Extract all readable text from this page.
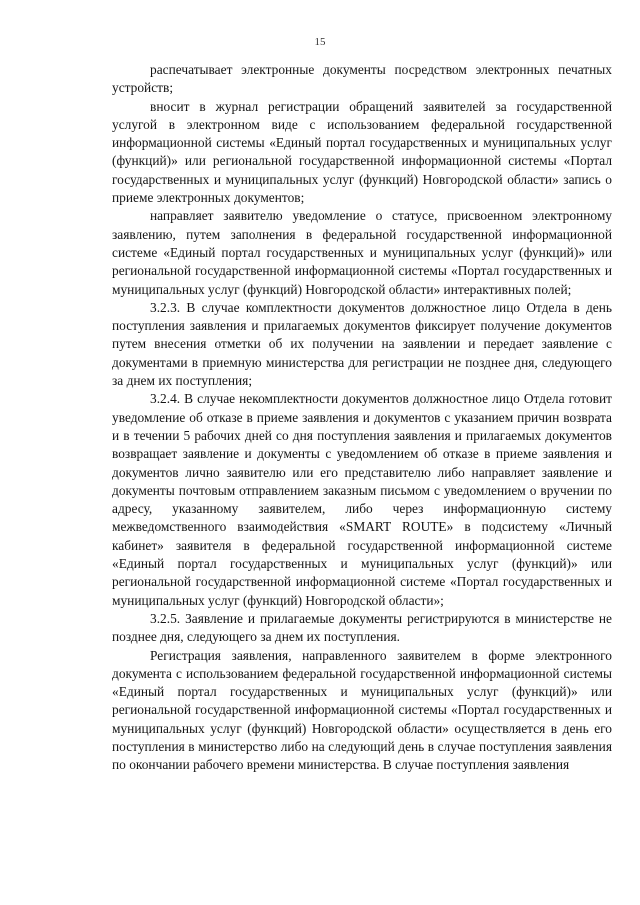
15

распечатывает электронные документы посредством электронных печатных устройств;

вносит в журнал регистрации обращений заявителей за государственной услугой в электронном виде с использованием федеральной государственной информационной системы «Единый портал государственных и муниципальных услуг (функций)» или региональной государственной информационной системы «Портал государственных и муниципальных услуг (функций) Новгородской области» запись о приеме электронных документов;

направляет заявителю уведомление о статусе, присвоенном электронному заявлению, путем заполнения в федеральной государственной информационной системе «Единый портал государственных и муниципальных услуг (функций)» или региональной государственной информационной системы «Портал государственных и муниципальных услуг (функций) Новгородской области» интерактивных полей;

3.2.3. В случае комплектности документов должностное лицо Отдела в день поступления заявления и прилагаемых документов фиксирует получение документов путем внесения отметки об их получении на заявлении и передает заявление с документами в приемную министерства для регистрации не позднее дня, следующего за днем их поступления;

3.2.4. В случае некомплектности документов должностное лицо Отдела готовит уведомление об отказе в приеме заявления и документов с указанием причин возврата и в течении 5 рабочих дней со дня поступления заявления и прилагаемых документов возвращает заявление и документы с уведомлением об отказе в приеме заявления и документов лично заявителю или его представителю либо направляет заявление и документы почтовым отправлением заказным письмом с уведомлением о вручении по адресу, указанному заявителем, либо через информационную систему межведомственного взаимодействия «SMART ROUTE» в подсистему «Личный кабинет» заявителя в федеральной государственной информационной системе «Единый портал государственных и муниципальных услуг (функций)» или региональной государственной информационной системе «Портал государственных и муниципальных услуг (функций) Новгородской области»;

3.2.5. Заявление и прилагаемые документы регистрируются в министерстве не позднее дня, следующего за днем их поступления.

Регистрация заявления, направленного заявителем в форме электронного документа с использованием федеральной государственной информационной системы «Единый портал государственных и муниципальных услуг (функций)» или региональной государственной информационной системы «Портал государственных и муниципальных услуг (функций) Новгородской области» осуществляется в день его поступления в министерство либо на следующий день в случае поступления заявления по окончании рабочего времени министерства. В случае поступления заявления
